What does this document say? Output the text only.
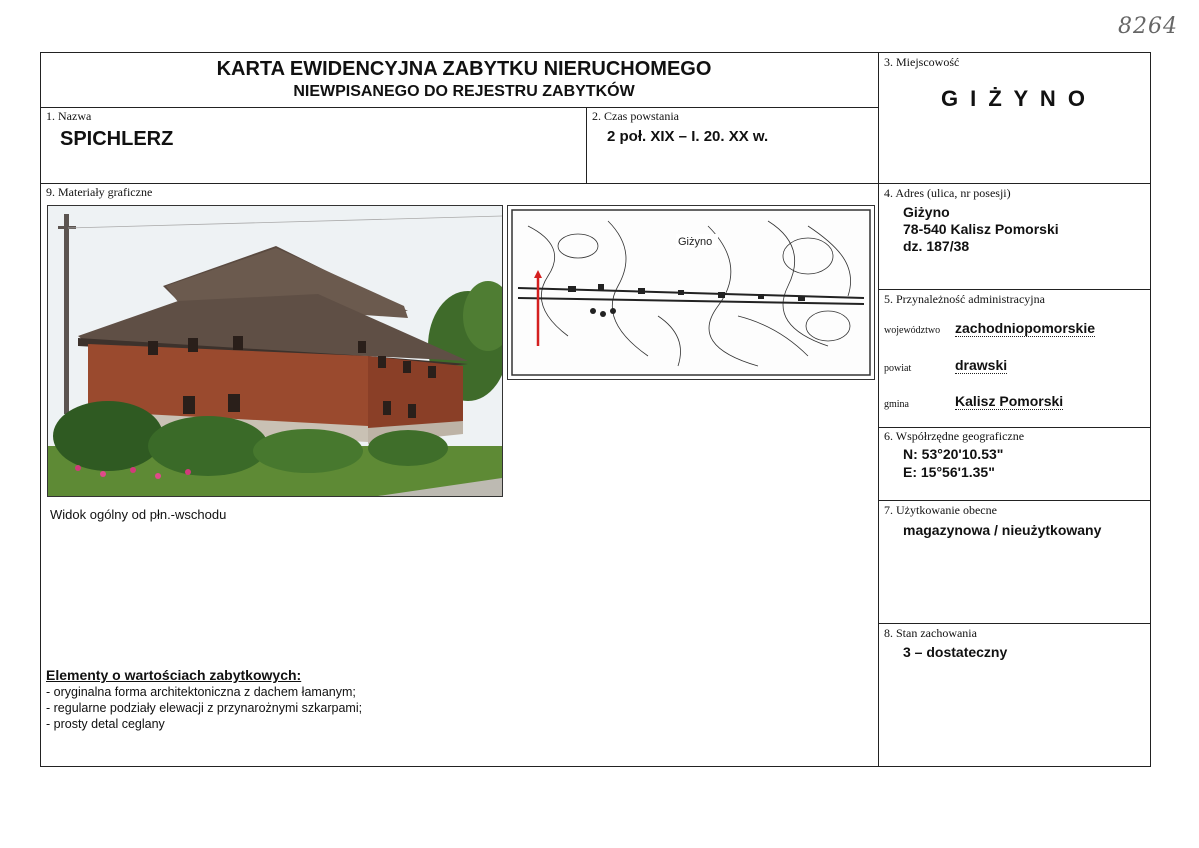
8264
KARTA EWIDENCYJNA ZABYTKU NIERUCHOMEGO
NIEWPISANEGO DO REJESTRU ZABYTKÓW
3. Miejscowość
G I Ż Y N O
1. Nazwa
SPICHLERZ
2. Czas powstania
2 poł. XIX – I. 20. XX w.
9. Materiały graficzne
Giżyno
Widok ogólny od płn.-wschodu
Elementy o wartościach zabytkowych:
- oryginalna forma architektoniczna z dachem łamanym;
- regularne podziały elewacji z przynarożnymi szkarpami;
- prosty detal ceglany
4. Adres (ulica, nr posesji)
Giżyno
78-540 Kalisz Pomorski
dz. 187/38
5. Przynależność administracyjna
województwo zachodniopomorskie
powiat	drawski
gmina	Kalisz Pomorski
6. Współrzędne geograficzne
N: 53°20'10.53"
E: 15°56'1.35"
7. Użytkowanie obecne
magazynowa / nieużytkowany
8. Stan zachowania
3 – dostateczny
